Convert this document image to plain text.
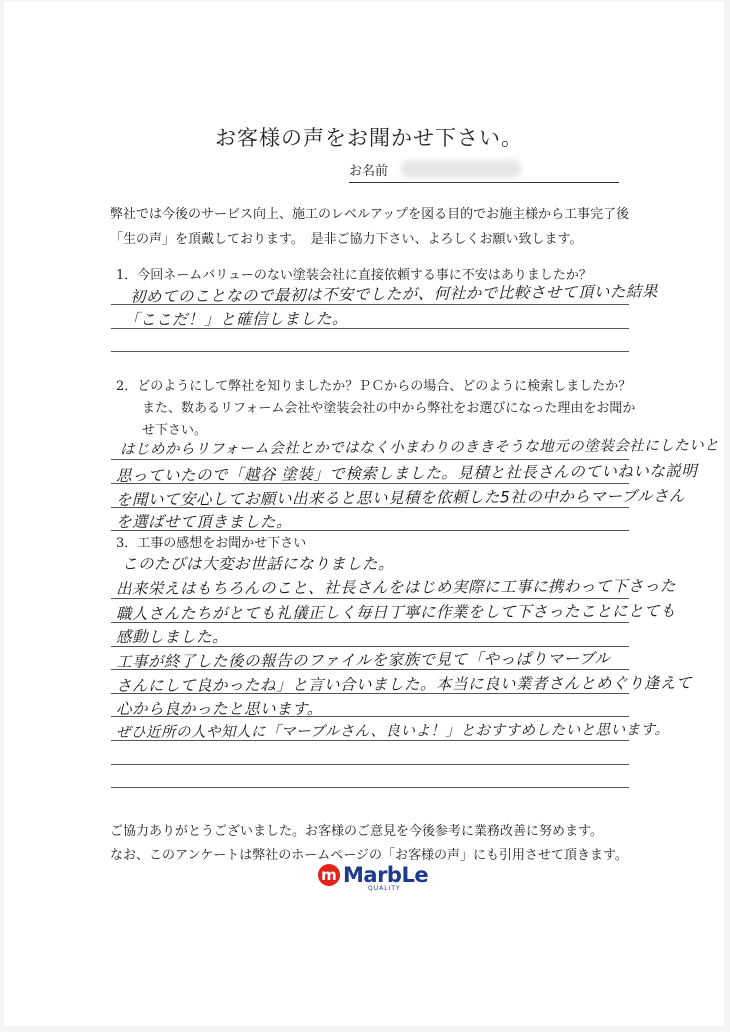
お客様の声をお聞かせ下さい。
お名前
弊社では今後のサービス向上、施工のレベルアップを図る目的でお施主様から工事完了後
「生の声」を頂戴しております。　是非ご協力下さい、よろしくお願い致します。
1．今回ネームバリューのない塗装会社に直接依頼する事に不安はありましたか？
初めてのことなので最初は不安でしたが、何社かで比較させて頂いた結果
「ここだ！」と確信しました。
2．どのようにして弊社を知りましたか？ＰＣからの場合、どのように検索しましたか？
　　また、数あるリフォーム会社や塗装会社の中から弊社をお選びになった理由をお聞か
　　せ下さい。
はじめからリフォーム会社とかではなく小まわりのききそうな地元の塗装会社にしたいと
思っていたので「越谷 塗装」で検索しました。見積と社長さんのていねいな説明
を聞いて安心してお願い出来ると思い見積を依頼した5社の中からマーブルさん
を選ばせて頂きました。
3．工事の感想をお聞かせ下さい
このたびは大変お世話になりました。
出来栄えはもちろんのこと、社長さんをはじめ実際に工事に携わって下さった
職人さんたちがとても礼儀正しく毎日丁寧に作業をして下さったことにとても
感動しました。
工事が終了した後の報告のファイルを家族で見て「やっぱりマーブル
さんにして良かったね」と言い合いました。本当に良い業者さんとめぐり逢えて
心から良かったと思います。
ぜひ近所の人や知人に「マーブルさん、良いよ！」とおすすめしたいと思います。
ご協力ありがとうございました。お客様のご意見を今後参考に業務改善に努めます。
なお、このアンケートは弊社のホームページの「お客様の声」にも引用させて頂きます。
m MarbLe
QUALITY
